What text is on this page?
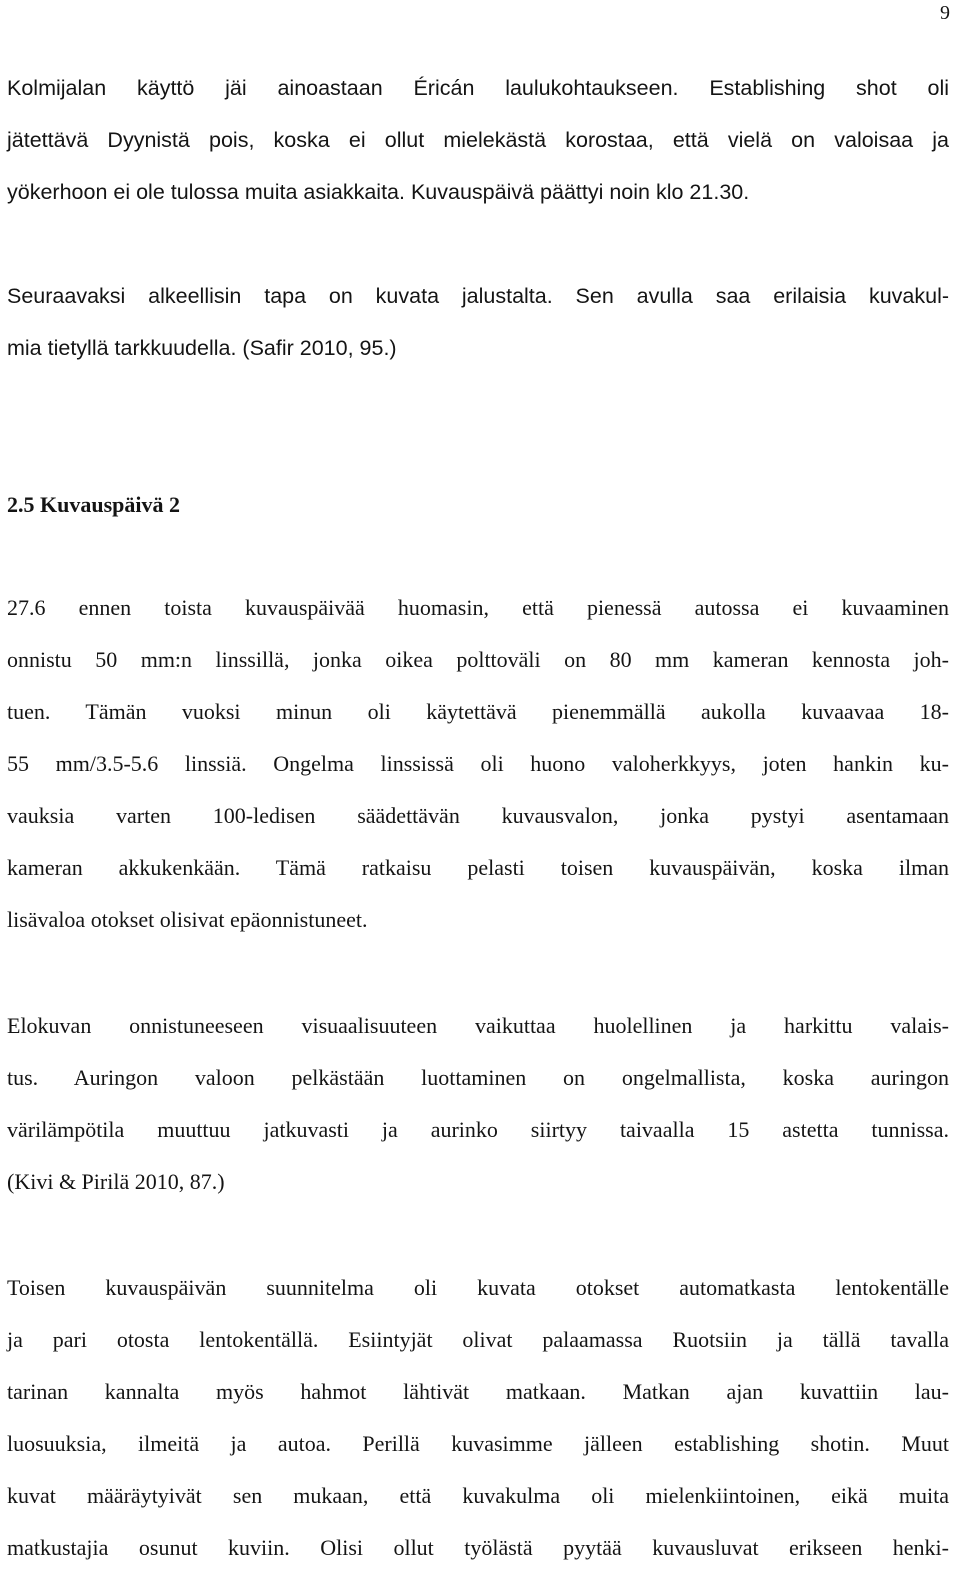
9

Kolmijalan käyttö jäi ainoastaan Éricán laulukohtaukseen. Establishing shot oli
jätettävä Dyynistä pois, koska ei ollut mielekästä korostaa, että vielä on valoisaa ja
yökerhoon ei ole tulossa muita asiakkaita. Kuvauspäivä päättyi noin klo 21.30.

Seuraavaksi alkeellisin tapa on kuvata jalustalta. Sen avulla saa erilaisia kuvakul-
mia tietyllä tarkkuudella. (Safir 2010, 95.)

2.5 Kuvauspäivä 2

27.6 ennen toista kuvauspäivää huomasin, että pienessä autossa ei kuvaaminen
onnistu 50 mm:n linssillä, jonka oikea polttoväli on 80 mm kameran kennosta joh-
tuen. Tämän vuoksi minun oli käytettävä pienemmällä aukolla kuvaavaa 18-
55 mm/3.5-5.6 linssiä. Ongelma linssissä oli huono valoherkkyys, joten hankin ku-
vauksia varten 100-ledisen säädettävän kuvausvalon, jonka pystyi asentamaan
kameran akkukenkään. Tämä ratkaisu pelasti toisen kuvauspäivän, koska ilman
lisävaloa otokset olisivat epäonnistuneet.

Elokuvan onnistuneeseen visuaalisuuteen vaikuttaa huolellinen ja harkittu valais-
tus. Auringon valoon pelkästään luottaminen on ongelmallista, koska auringon
värilämpötila muuttuu jatkuvasti ja aurinko siirtyy taivaalla 15 astetta tunnissa.
(Kivi & Pirilä 2010, 87.)

Toisen kuvauspäivän suunnitelma oli kuvata otokset automatkasta lentokentälle
ja pari otosta lentokentällä. Esiintyjät olivat palaamassa Ruotsiin ja tällä tavalla
tarinan kannalta myös hahmot lähtivät matkaan. Matkan ajan kuvattiin lau-
luosuuksia, ilmeitä ja autoa. Perillä kuvasimme jälleen establishing shotin. Muut
kuvat määräytyivät sen mukaan, että kuvakulma oli mielenkiintoinen, eikä muita
matkustajia osunut kuviin. Olisi ollut työlästä pyytää kuvausluvat erikseen henki-
